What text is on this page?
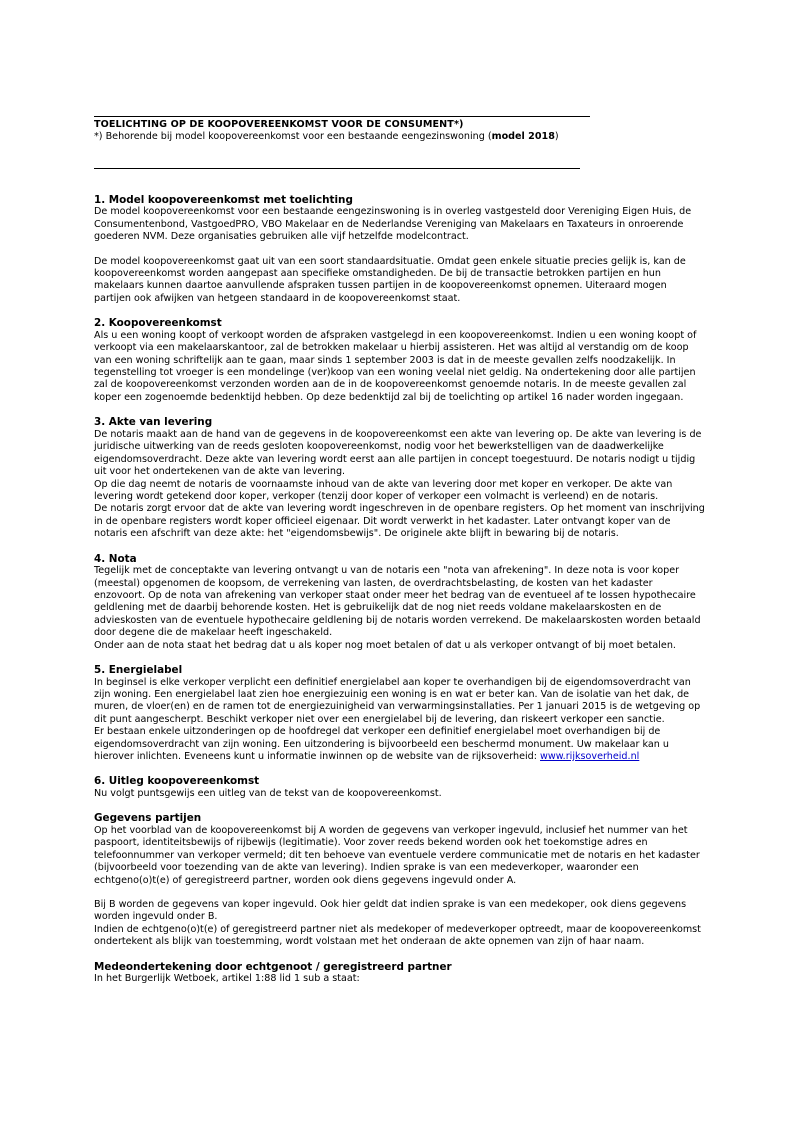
TOELICHTING OP DE KOOPOVEREENKOMST VOOR DE CONSUMENT*)
*) Behorende bij model koopovereenkomst voor een bestaande eengezinswoning (model 2018)
1. Model koopovereenkomst met toelichting

De model koopovereenkomst voor een bestaande eengezinswoning is in overleg vastgesteld door Vereniging Eigen Huis, de Consumentenbond, VastgoedPRO, VBO Makelaar en de Nederlandse Vereniging van Makelaars en Taxateurs in onroerende goederen NVM. Deze organisaties gebruiken alle vijf hetzelfde modelcontract.

De model koopovereenkomst gaat uit van een soort standaardsituatie. Omdat geen enkele situatie precies gelijk is, kan de koopovereenkomst worden aangepast aan specifieke omstandigheden. De bij de transactie betrokken partijen en hun makelaars kunnen daartoe aanvullende afspraken tussen partijen in de koopovereenkomst opnemen. Uiteraard mogen partijen ook afwijken van hetgeen standaard in de koopovereenkomst staat.

2. Koopovereenkomst

Als u een woning koopt of verkoopt worden de afspraken vastgelegd in een koopovereenkomst. Indien u een woning koopt of verkoopt via een makelaarskantoor, zal de betrokken makelaar u hierbij assisteren. Het was altijd al verstandig om de koop van een woning schriftelijk aan te gaan, maar sinds 1 september 2003 is dat in de meeste gevallen zelfs noodzakelijk. In tegenstelling tot vroeger is een mondelinge (ver)koop van een woning veelal niet geldig. Na ondertekening door alle partijen zal de koopovereenkomst verzonden worden aan de in de koopovereenkomst genoemde notaris. In de meeste gevallen zal koper een zogenoemde bedenktijd hebben. Op deze bedenktijd zal bij de toelichting op artikel 16 nader worden ingegaan.

3. Akte van levering

De notaris maakt aan de hand van de gegevens in de koopovereenkomst een akte van levering op. De akte van levering is de juridische uitwerking van de reeds gesloten koopovereenkomst, nodig voor het bewerkstelligen van de daadwerkelijke eigendomsoverdracht. Deze akte van levering wordt eerst aan alle partijen in concept toegestuurd. De notaris nodigt u tijdig uit voor het ondertekenen van de akte van levering.

Op die dag neemt de notaris de voornaamste inhoud van de akte van levering door met koper en verkoper. De akte van levering wordt getekend door koper, verkoper (tenzij door koper of verkoper een volmacht is verleend) en de notaris.

De notaris zorgt ervoor dat de akte van levering wordt ingeschreven in de openbare registers. Op het moment van inschrijving in de openbare registers wordt koper officieel eigenaar. Dit wordt verwerkt in het kadaster. Later ontvangt koper van de notaris een afschrift van deze akte: het "eigendomsbewijs". De originele akte blijft in bewaring bij de notaris.

4. Nota

Tegelijk met de conceptakte van levering ontvangt u van de notaris een "nota van afrekening". In deze nota is voor koper (meestal) opgenomen de koopsom, de verrekening van lasten, de overdrachtsbelasting, de kosten van het kadaster enzovoort. Op de nota van afrekening van verkoper staat onder meer het bedrag van de eventueel af te lossen hypothecaire geldlening met de daarbij behorende kosten. Het is gebruikelijk dat de nog niet reeds voldane makelaarskosten en de advieskosten van de eventuele hypothecaire geldlening bij de notaris worden verrekend. De makelaarskosten worden betaald door degene die de makelaar heeft ingeschakeld.

Onder aan de nota staat het bedrag dat u als koper nog moet betalen of dat u als verkoper ontvangt of bij moet betalen.

5. Energielabel

In beginsel is elke verkoper verplicht een definitief energielabel aan koper te overhandigen bij de eigendomsoverdracht van zijn woning. Een energielabel laat zien hoe energiezuinig een woning is en wat er beter kan. Van de isolatie van het dak, de muren, de vloer(en) en de ramen tot de energiezuinigheid van verwarmingsinstallaties. Per 1 januari 2015 is de wetgeving op dit punt aangescherpt. Beschikt verkoper niet over een energielabel bij de levering, dan riskeert verkoper een sanctie.

Er bestaan enkele uitzonderingen op de hoofdregel dat verkoper een definitief energielabel moet overhandigen bij de eigendomsoverdracht van zijn woning. Een uitzondering is bijvoorbeeld een beschermd monument. Uw makelaar kan u hierover inlichten. Eveneens kunt u informatie inwinnen op de website van de rijksoverheid: www.rijksoverheid.nl

6. Uitleg koopovereenkomst

Nu volgt puntsgewijs een uitleg van de tekst van de koopovereenkomst.

Gegevens partijen

Op het voorblad van de koopovereenkomst bij A worden de gegevens van verkoper ingevuld, inclusief het nummer van het paspoort, identiteitsbewijs of rijbewijs (legitimatie). Voor zover reeds bekend worden ook het toekomstige adres en telefoonnummer van verkoper vermeld; dit ten behoeve van eventuele verdere communicatie met de notaris en het kadaster (bijvoorbeeld voor toezending van de akte van levering). Indien sprake is van een medeverkoper, waaronder een echtgeno(o)t(e) of geregistreerd partner, worden ook diens gegevens ingevuld onder A.

Bij B worden de gegevens van koper ingevuld. Ook hier geldt dat indien sprake is van een medekoper, ook diens gegevens worden ingevuld onder B.

Indien de echtgeno(o)t(e) of geregistreerd partner niet als medekoper of medeverkoper optreedt, maar de koopovereenkomst ondertekent als blijk van toestemming, wordt volstaan met het onderaan de akte opnemen van zijn of haar naam.

Medeondertekening door echtgenoot / geregistreerd partner

In het Burgerlijk Wetboek, artikel 1:88 lid 1 sub a staat:
